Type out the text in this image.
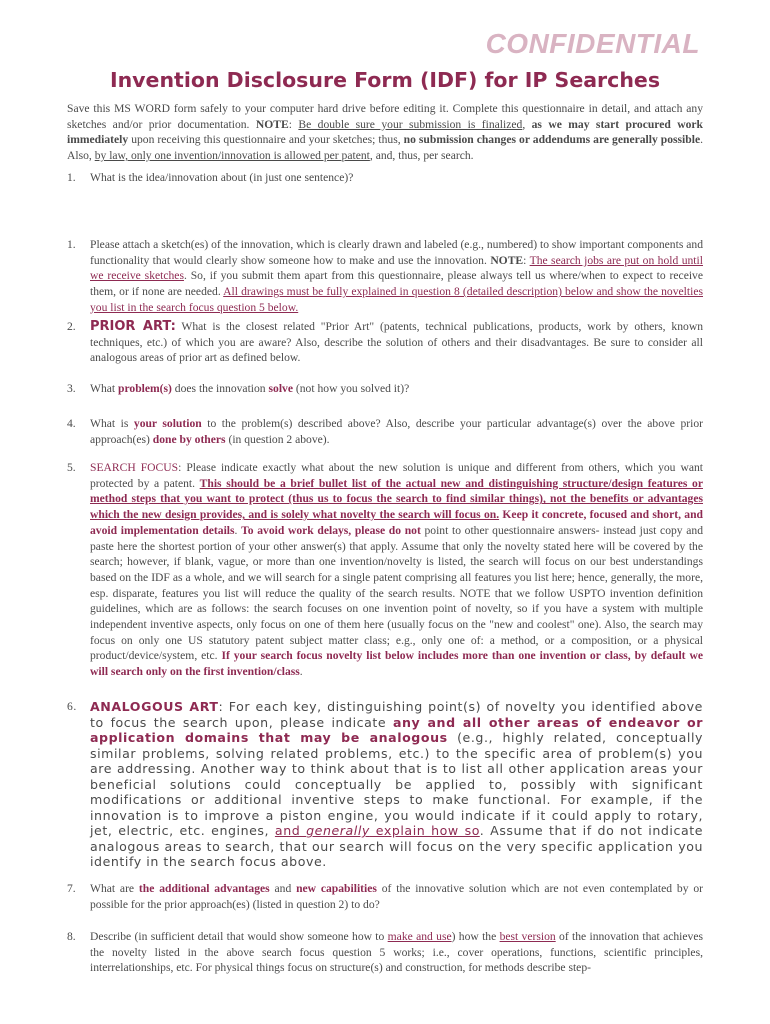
CONFIDENTIAL
Invention Disclosure Form (IDF) for IP Searches
Save this MS WORD form safely to your computer hard drive before editing it. Complete this questionnaire in detail, and attach any sketches and/or prior documentation. NOTE: Be double sure your submission is finalized, as we may start procured work immediately upon receiving this questionnaire and your sketches; thus, no submission changes or addendums are generally possible. Also, by law, only one invention/innovation is allowed per patent, and, thus, per search.
1.	What is the idea/innovation about (in just one sentence)?
1.	Please attach a sketch(es) of the innovation, which is clearly drawn and labeled (e.g., numbered) to show important components and functionality that would clearly show someone how to make and use the innovation. NOTE: The search jobs are put on hold until we receive sketches. So, if you submit them apart from this questionnaire, please always tell us where/when to expect to receive them, or if none are needed. All drawings must be fully explained in question 8 (detailed description) below and show the novelties you list in the search focus question 5 below.
2.	PRIOR ART: What is the closest related "Prior Art" (patents, technical publications, products, work by others, known techniques, etc.) of which you are aware? Also, describe the solution of others and their disadvantages. Be sure to consider all analogous areas of prior art as defined below.
3.	What problem(s) does the innovation solve (not how you solved it)?
4.	What is your solution to the problem(s) described above? Also, describe your particular advantage(s) over the above prior approach(es) done by others (in question 2 above).
5.	SEARCH FOCUS: Please indicate exactly what about the new solution is unique and different from others, which you want protected by a patent. This should be a brief bullet list of the actual new and distinguishing structure/design features or method steps that you want to protect (thus us to focus the search to find similar things), not the benefits or advantages which the new design provides, and is solely what novelty the search will focus on. Keep it concrete, focused and short, and avoid implementation details. To avoid work delays, please do not point to other questionnaire answers- instead just copy and paste here the shortest portion of your other answer(s) that apply. Assume that only the novelty stated here will be covered by the search; however, if blank, vague, or more than one invention/novelty is listed, the search will focus on our best understandings based on the IDF as a whole, and we will search for a single patent comprising all features you list here; hence, generally, the more, esp. disparate, features you list will reduce the quality of the search results. NOTE that we follow USPTO invention definition guidelines, which are as follows: the search focuses on one invention point of novelty, so if you have a system with multiple independent inventive aspects, only focus on one of them here (usually focus on the "new and coolest" one). Also, the search may focus on only one US statutory patent subject matter class; e.g., only one of: a method, or a composition, or a physical product/device/system, etc. If your search focus novelty list below includes more than one invention or class, by default we will search only on the first invention/class.
6.	ANALOGOUS ART: For each key, distinguishing point(s) of novelty you identified above to focus the search upon, please indicate any and all other areas of endeavor or application domains that may be analogous (e.g., highly related, conceptually similar problems, solving related problems, etc.) to the specific area of problem(s) you are addressing. Another way to think about that is to list all other application areas your beneficial solutions could conceptually be applied to, possibly with significant modifications or additional inventive steps to make functional. For example, if the innovation is to improve a piston engine, you would indicate if it could apply to rotary, jet, electric, etc. engines, and generally explain how so. Assume that if do not indicate analogous areas to search, that our search will focus on the very specific application you identify in the search focus above.
7.	What are the additional advantages and new capabilities of the innovative solution which are not even contemplated by or possible for the prior approach(es) (listed in question 2) to do?
8.	Describe (in sufficient detail that would show someone how to make and use) how the best version of the innovation that achieves the novelty listed in the above search focus question 5 works; i.e., cover operations, functions, scientific principles, interrelationships, etc. For physical things focus on structure(s) and construction, for methods describe step-
